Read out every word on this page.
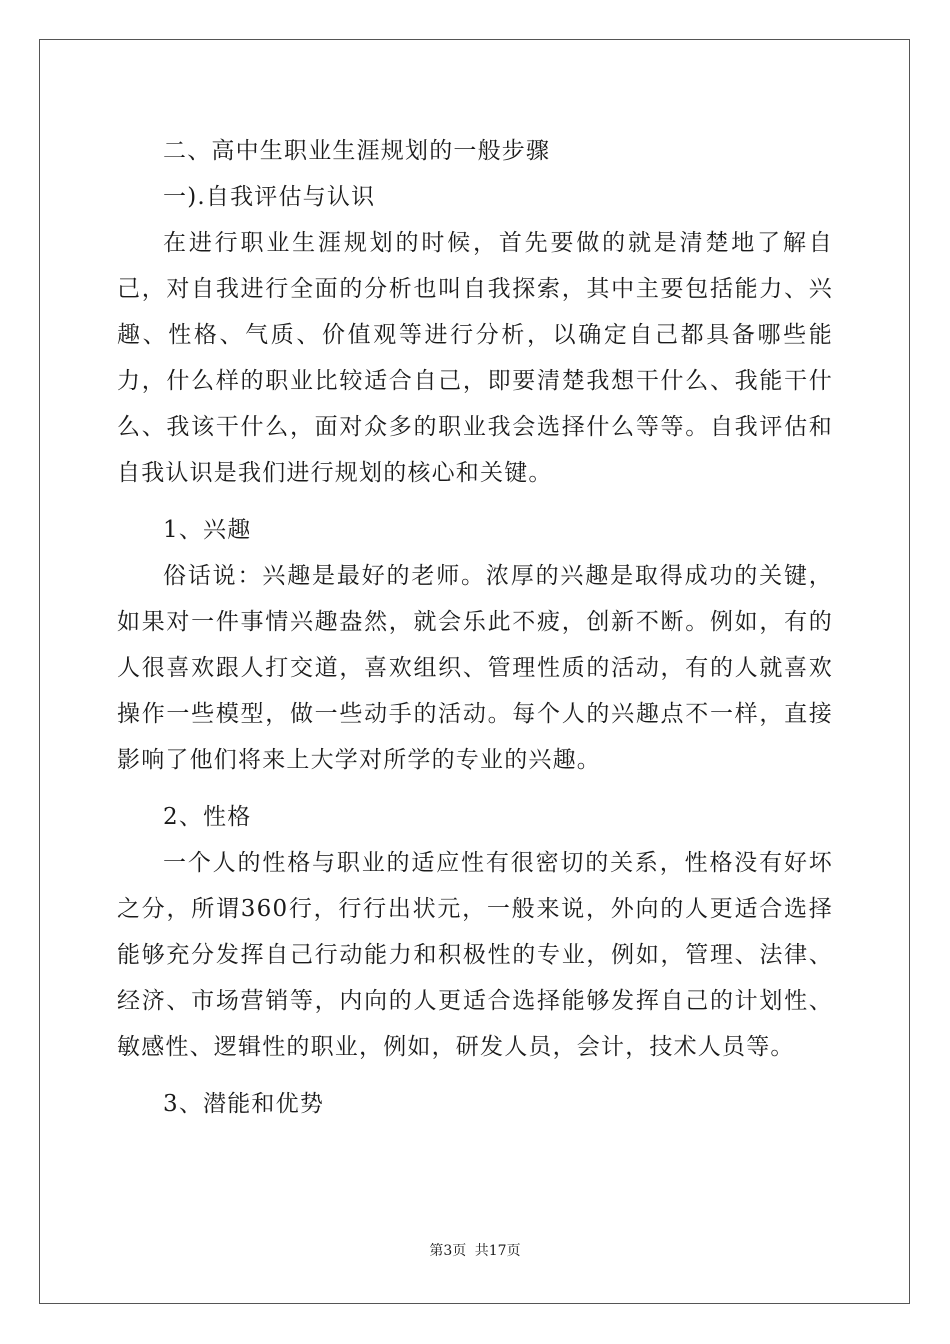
二、高中生职业生涯规划的一般步骤

一).自我评估与认识

在进行职业生涯规划的时候，首先要做的就是清楚地了解自己，对自我进行全面的分析也叫自我探索，其中主要包括能力、兴趣、性格、气质、价值观等进行分析，以确定自己都具备哪些能力，什么样的职业比较适合自己，即要清楚我想干什么、我能干什么、我该干什么，面对众多的职业我会选择什么等等。自我评估和自我认识是我们进行规划的核心和关键。

1、兴趣

俗话说：兴趣是最好的老师。浓厚的兴趣是取得成功的关键，如果对一件事情兴趣盎然，就会乐此不疲，创新不断。例如，有的人很喜欢跟人打交道，喜欢组织、管理性质的活动，有的人就喜欢操作一些模型，做一些动手的活动。每个人的兴趣点不一样，直接影响了他们将来上大学对所学的专业的兴趣。

2、性格

一个人的性格与职业的适应性有很密切的关系，性格没有好坏之分，所谓360行，行行出状元，一般来说，外向的人更适合选择能够充分发挥自己行动能力和积极性的专业，例如，管理、法律、经济、市场营销等，内向的人更适合选择能够发挥自己的计划性、敏感性、逻辑性的职业，例如，研发人员，会计，技术人员等。

3、潜能和优势

第3页 共17页
